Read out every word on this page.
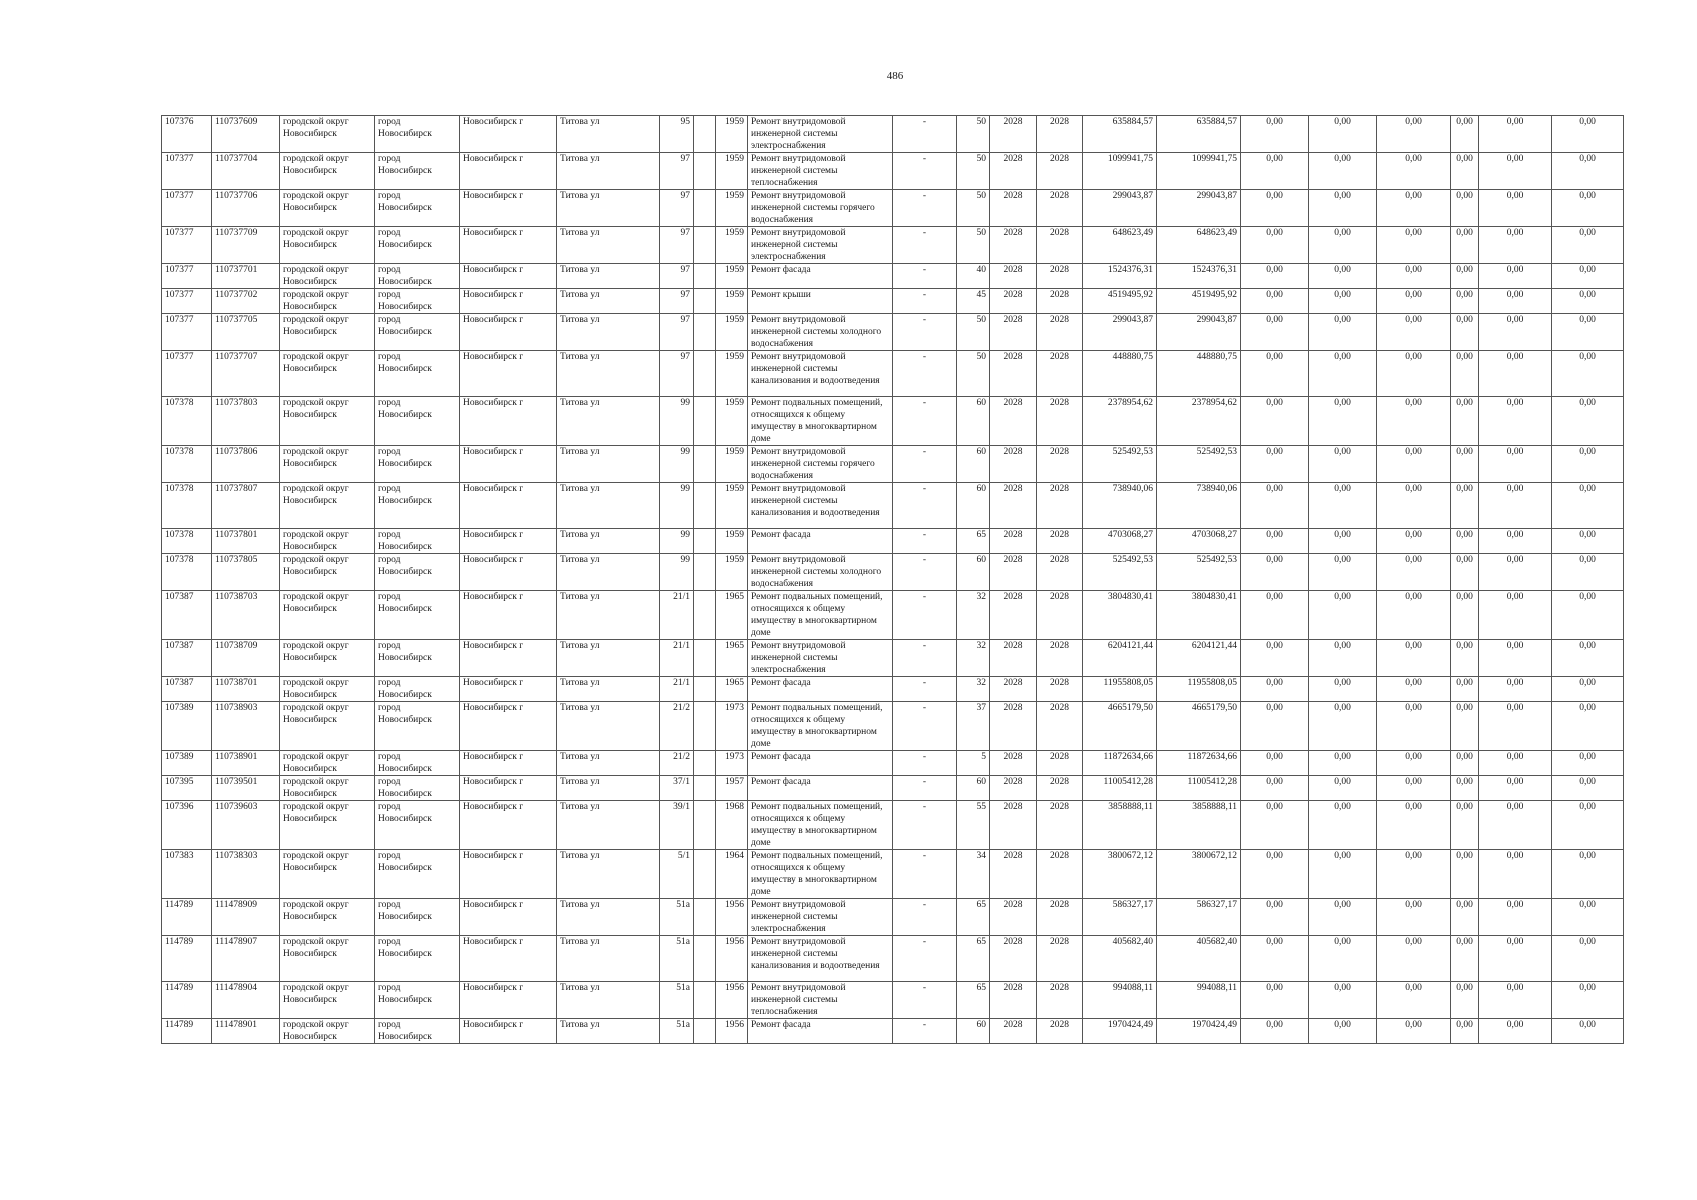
486
107376	110737609	городской округ Новосибирск	город Новосибирск	Новосибирск г	Титова ул	95		1959	Ремонт внутридомовой инженерной системы электроснабжения	-	50	2028	2028	635884,57	635884,57	0,00	0,00	0,00	0,00	0,00	0,00
107377	110737704	городской округ Новосибирск	город Новосибирск	Новосибирск г	Титова ул	97		1959	Ремонт внутридомовой инженерной системы теплоснабжения	-	50	2028	2028	1099941,75	1099941,75	0,00	0,00	0,00	0,00	0,00	0,00
107377	110737706	городской округ Новосибирск	город Новосибирск	Новосибирск г	Титова ул	97		1959	Ремонт внутридомовой инженерной системы горячего водоснабжения	-	50	2028	2028	299043,87	299043,87	0,00	0,00	0,00	0,00	0,00	0,00
107377	110737709	городской округ Новосибирск	город Новосибирск	Новосибирск г	Титова ул	97		1959	Ремонт внутридомовой инженерной системы электроснабжения	-	50	2028	2028	648623,49	648623,49	0,00	0,00	0,00	0,00	0,00	0,00
107377	110737701	городской округ Новосибирск	город Новосибирск	Новосибирск г	Титова ул	97		1959	Ремонт фасада	-	40	2028	2028	1524376,31	1524376,31	0,00	0,00	0,00	0,00	0,00	0,00
107377	110737702	городской округ Новосибирск	город Новосибирск	Новосибирск г	Титова ул	97		1959	Ремонт крыши	-	45	2028	2028	4519495,92	4519495,92	0,00	0,00	0,00	0,00	0,00	0,00
107377	110737705	городской округ Новосибирск	город Новосибирск	Новосибирск г	Титова ул	97		1959	Ремонт внутридомовой инженерной системы холодного водоснабжения	-	50	2028	2028	299043,87	299043,87	0,00	0,00	0,00	0,00	0,00	0,00
107377	110737707	городской округ Новосибирск	город Новосибирск	Новосибирск г	Титова ул	97		1959	Ремонт внутридомовой инженерной системы канализования и водоотведения	-	50	2028	2028	448880,75	448880,75	0,00	0,00	0,00	0,00	0,00	0,00
107378	110737803	городской округ Новосибирск	город Новосибирск	Новосибирск г	Титова ул	99		1959	Ремонт подвальных помещений, относящихся к общему имуществу в многоквартирном доме	-	60	2028	2028	2378954,62	2378954,62	0,00	0,00	0,00	0,00	0,00	0,00
107378	110737806	городской округ Новосибирск	город Новосибирск	Новосибирск г	Титова ул	99		1959	Ремонт внутридомовой инженерной системы горячего водоснабжения	-	60	2028	2028	525492,53	525492,53	0,00	0,00	0,00	0,00	0,00	0,00
107378	110737807	городской округ Новосибирск	город Новосибирск	Новосибирск г	Титова ул	99		1959	Ремонт внутридомовой инженерной системы канализования и водоотведения	-	60	2028	2028	738940,06	738940,06	0,00	0,00	0,00	0,00	0,00	0,00
107378	110737801	городской округ Новосибирск	город Новосибирск	Новосибирск г	Титова ул	99		1959	Ремонт фасада	-	65	2028	2028	4703068,27	4703068,27	0,00	0,00	0,00	0,00	0,00	0,00
107378	110737805	городской округ Новосибирск	город Новосибирск	Новосибирск г	Титова ул	99		1959	Ремонт внутридомовой инженерной системы холодного водоснабжения	-	60	2028	2028	525492,53	525492,53	0,00	0,00	0,00	0,00	0,00	0,00
107387	110738703	городской округ Новосибирск	город Новосибирск	Новосибирск г	Титова ул	21/1		1965	Ремонт подвальных помещений, относящихся к общему имуществу в многоквартирном доме	-	32	2028	2028	3804830,41	3804830,41	0,00	0,00	0,00	0,00	0,00	0,00
107387	110738709	городской округ Новосибирск	город Новосибирск	Новосибирск г	Титова ул	21/1		1965	Ремонт внутридомовой инженерной системы электроснабжения	-	32	2028	2028	6204121,44	6204121,44	0,00	0,00	0,00	0,00	0,00	0,00
107387	110738701	городской округ Новосибирск	город Новосибирск	Новосибирск г	Титова ул	21/1		1965	Ремонт фасада	-	32	2028	2028	11955808,05	11955808,05	0,00	0,00	0,00	0,00	0,00	0,00
107389	110738903	городской округ Новосибирск	город Новосибирск	Новосибирск г	Титова ул	21/2		1973	Ремонт подвальных помещений, относящихся к общему имуществу в многоквартирном доме	-	37	2028	2028	4665179,50	4665179,50	0,00	0,00	0,00	0,00	0,00	0,00
107389	110738901	городской округ Новосибирск	город Новосибирск	Новосибирск г	Титова ул	21/2		1973	Ремонт фасада	-	5	2028	2028	11872634,66	11872634,66	0,00	0,00	0,00	0,00	0,00	0,00
107395	110739501	городской округ Новосибирск	город Новосибирск	Новосибирск г	Титова ул	37/1		1957	Ремонт фасада	-	60	2028	2028	11005412,28	11005412,28	0,00	0,00	0,00	0,00	0,00	0,00
107396	110739603	городской округ Новосибирск	город Новосибирск	Новосибирск г	Титова ул	39/1		1968	Ремонт подвальных помещений, относящихся к общему имуществу в многоквартирном доме	-	55	2028	2028	3858888,11	3858888,11	0,00	0,00	0,00	0,00	0,00	0,00
107383	110738303	городской округ Новосибирск	город Новосибирск	Новосибирск г	Титова ул	5/1		1964	Ремонт подвальных помещений, относящихся к общему имуществу в многоквартирном доме	-	34	2028	2028	3800672,12	3800672,12	0,00	0,00	0,00	0,00	0,00	0,00
114789	111478909	городской округ Новосибирск	город Новосибирск	Новосибирск г	Титова ул	51а		1956	Ремонт внутридомовой инженерной системы электроснабжения	-	65	2028	2028	586327,17	586327,17	0,00	0,00	0,00	0,00	0,00	0,00
114789	111478907	городской округ Новосибирск	город Новосибирск	Новосибирск г	Титова ул	51а		1956	Ремонт внутридомовой инженерной системы канализования и водоотведения	-	65	2028	2028	405682,40	405682,40	0,00	0,00	0,00	0,00	0,00	0,00
114789	111478904	городской округ Новосибирск	город Новосибирск	Новосибирск г	Титова ул	51а		1956	Ремонт внутридомовой инженерной системы теплоснабжения	-	65	2028	2028	994088,11	994088,11	0,00	0,00	0,00	0,00	0,00	0,00
114789	111478901	городской округ Новосибирск	город Новосибирск	Новосибирск г	Титова ул	51а		1956	Ремонт фасада	-	60	2028	2028	1970424,49	1970424,49	0,00	0,00	0,00	0,00	0,00	0,00
